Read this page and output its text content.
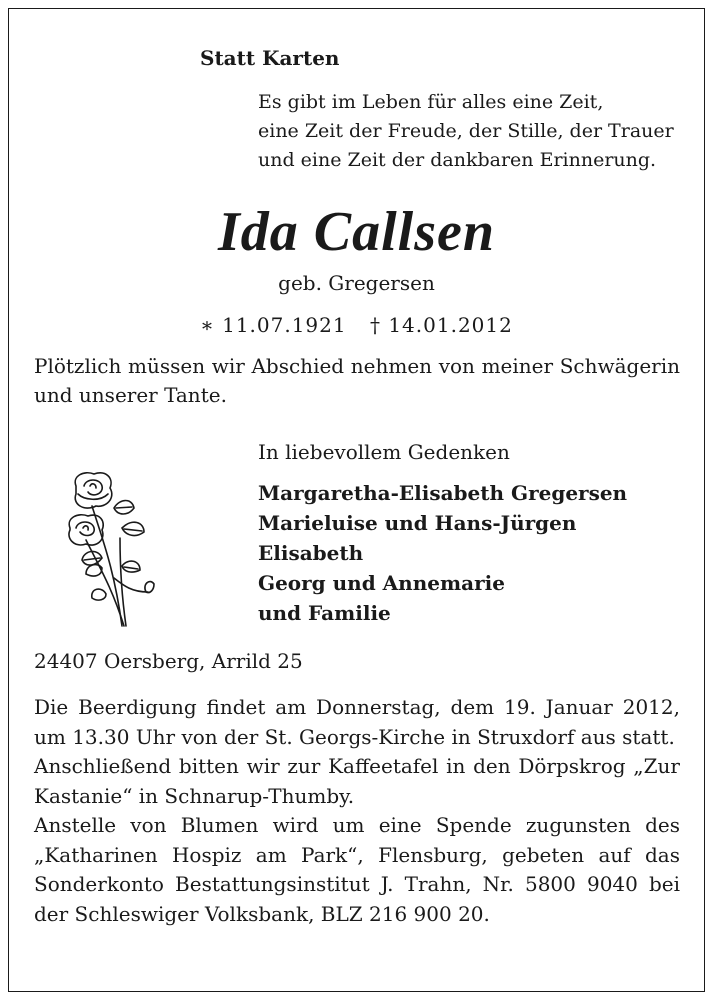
Statt Karten
Es gibt im Leben für alles eine Zeit,
eine Zeit der Freude, der Stille, der Trauer
und eine Zeit der dankbaren Erinnerung.
Ida Callsen
geb. Gregersen
∗ 11.07.1921 † 14.01.2012
Plötzlich müssen wir Abschied nehmen von meiner Schwägerin und unserer Tante.
In liebevollem Gedenken
Margaretha-Elisabeth Gregersen
Marieluise und Hans-Jürgen
Elisabeth
Georg und Annemarie
und Familie
24407 Oersberg, Arrild 25

Die Beerdigung findet am Donnerstag, dem 19. Januar 2012, um 13.30 Uhr von der St. Georgs-Kirche in Struxdorf aus statt.

Anschließend bitten wir zur Kaffeetafel in den Dörpskrog „Zur Kastanie“ in Schnarup-Thumby.

Anstelle von Blumen wird um eine Spende zugunsten des „Katharinen Hospiz am Park“, Flensburg, gebeten auf das Sonderkonto Bestattungsinstitut J. Trahn, Nr. 5800 9040 bei der Schleswiger Volksbank, BLZ 216 900 20.
